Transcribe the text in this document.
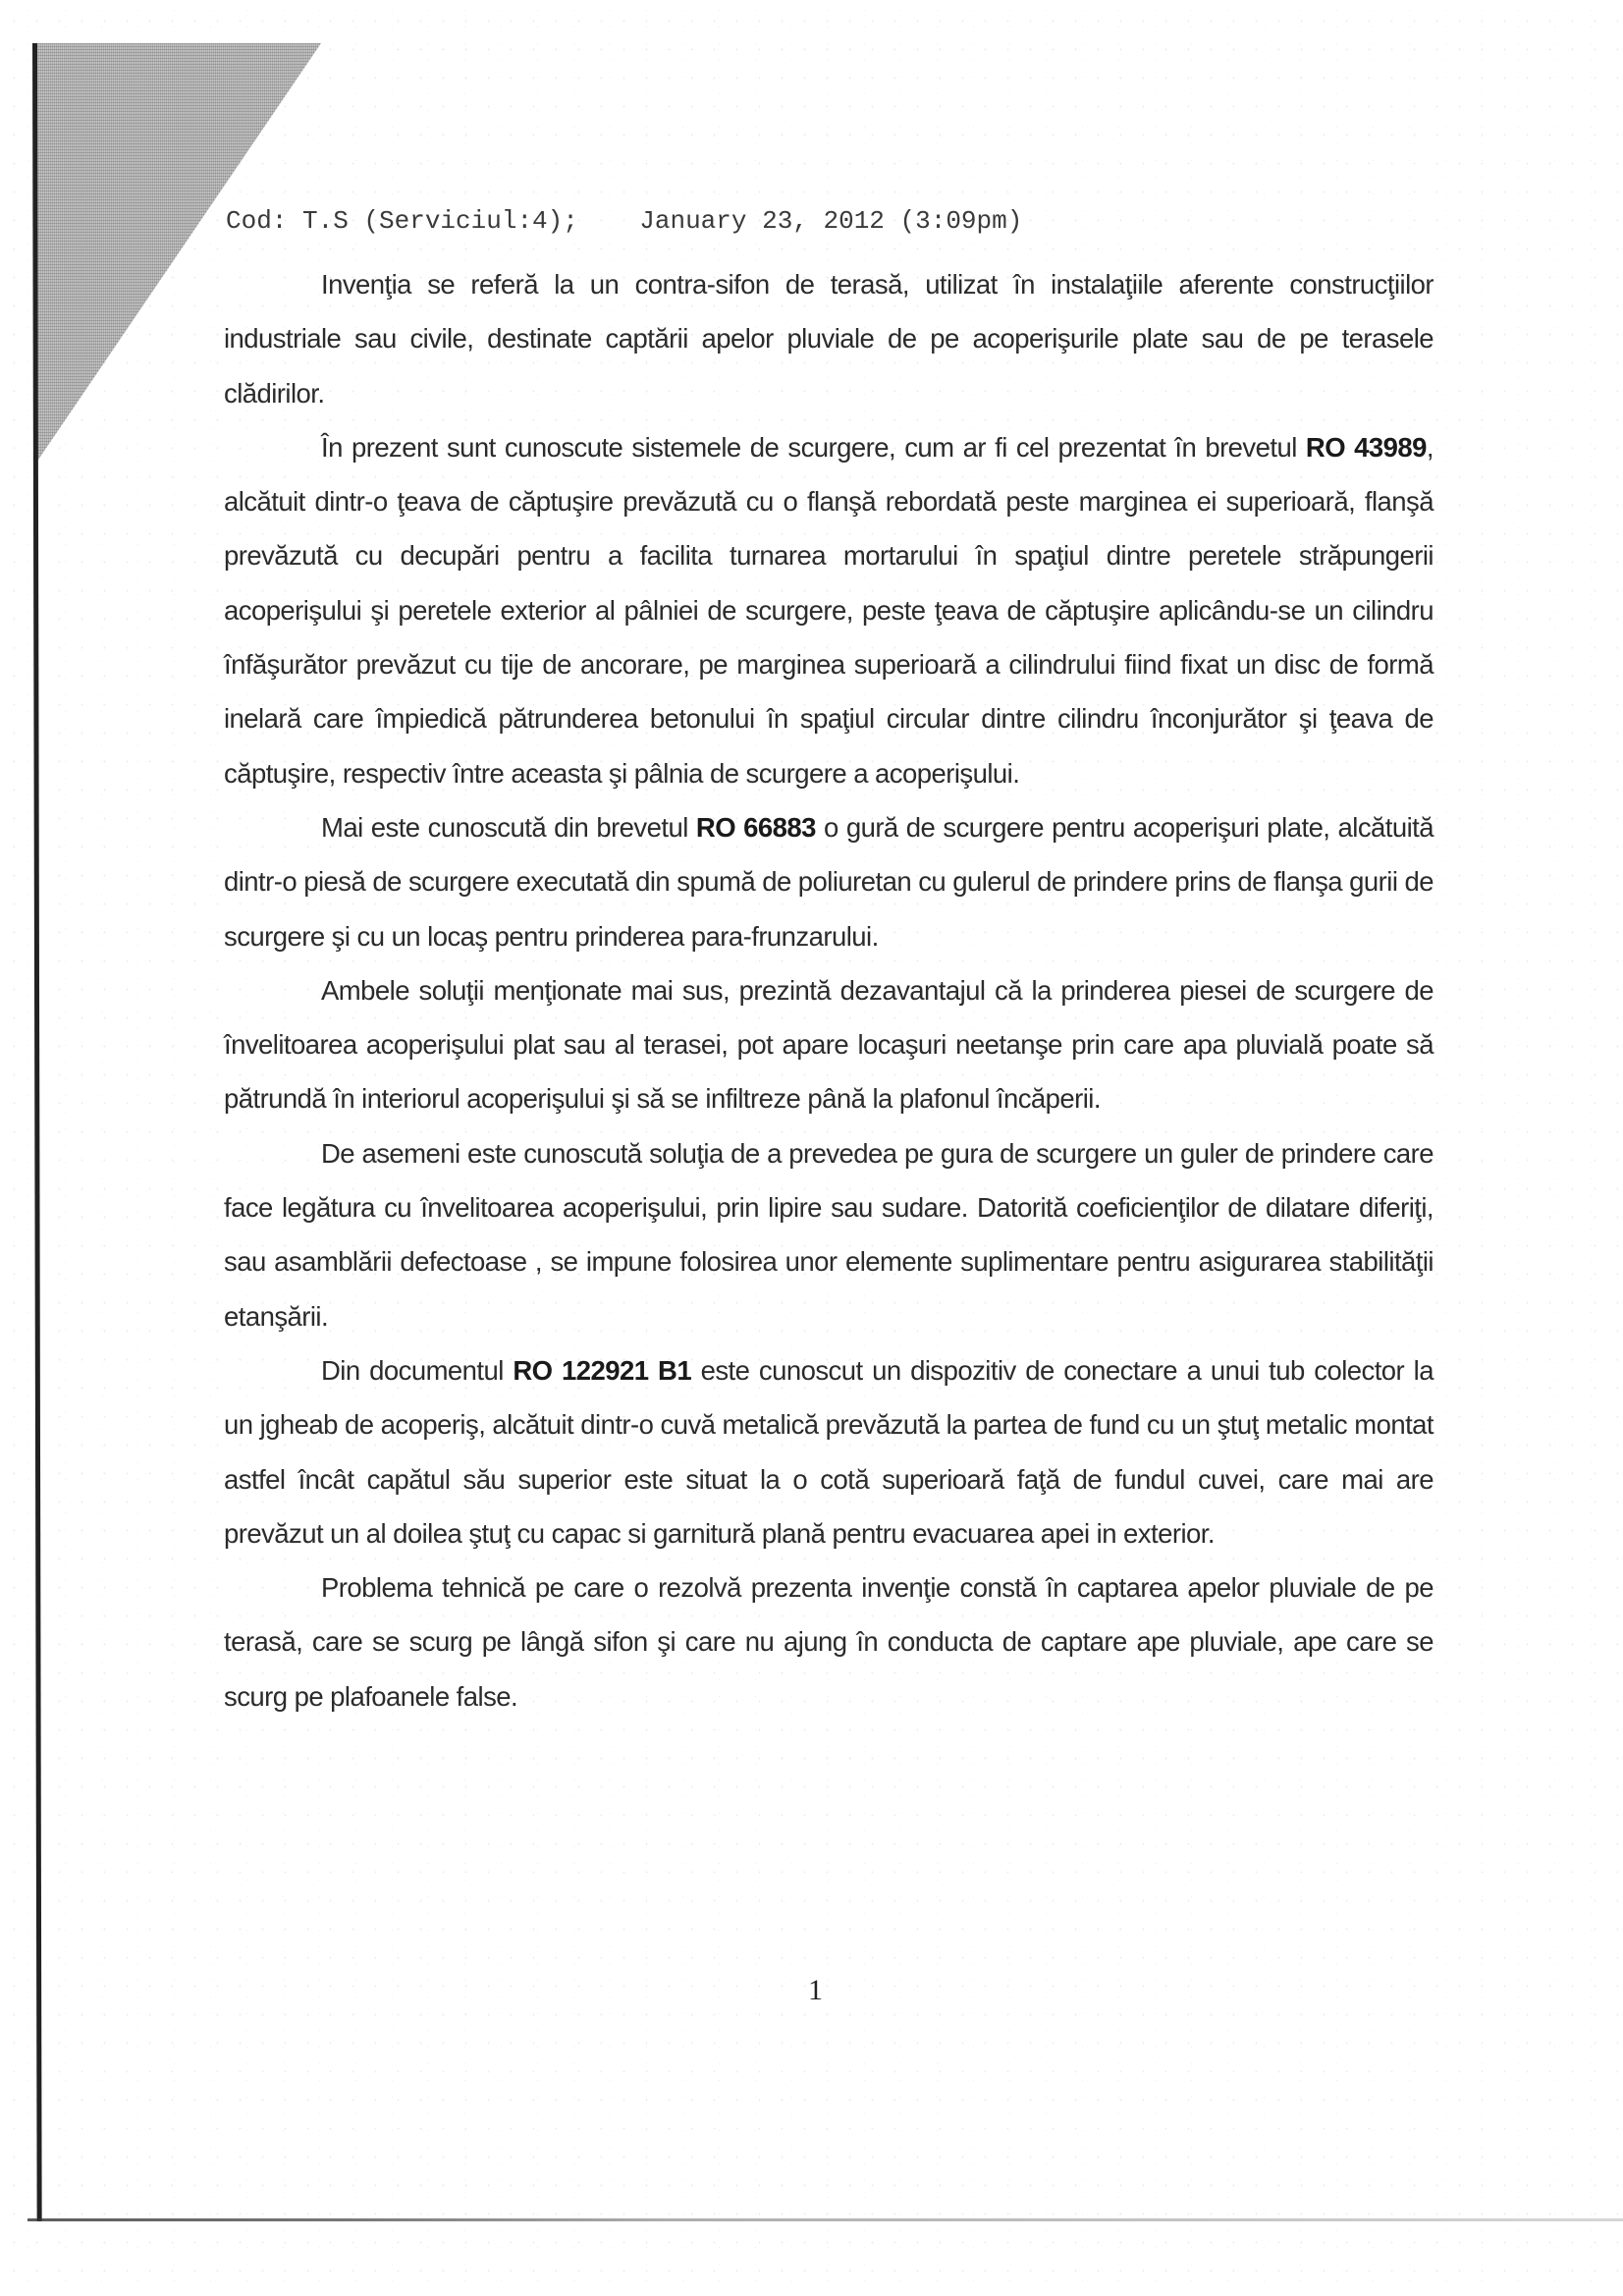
Cod: T.S (Serviciul:4);    January 23, 2012 (3:09pm)

Invenţia se referă la un contra-sifon de terasă, utilizat în instalaţiile aferente construcţiilor industriale sau civile, destinate captării apelor pluviale de pe acoperişurile plate sau de pe terasele clădirilor.

În prezent sunt cunoscute sistemele de scurgere, cum ar fi cel prezentat în brevetul RO 43989, alcătuit dintr-o ţeava de căptuşire prevăzută cu o flanşă rebordată peste marginea ei superioară, flanşă prevăzută cu decupări pentru a facilita turnarea mortarului în spaţiul dintre peretele străpungerii acoperişului şi peretele exterior al pâlniei de scurgere, peste ţeava de căptuşire aplicându-se un cilindru înfăşurător prevăzut cu tije de ancorare, pe marginea superioară a cilindrului fiind fixat un disc de formă inelară care împiedică pătrunderea betonului în spaţiul circular dintre cilindru înconjurător şi ţeava de căptuşire, respectiv între aceasta şi pâlnia de scurgere a acoperişului.

Mai este cunoscută din brevetul RO 66883 o gură de scurgere pentru acoperişuri plate, alcătuită dintr-o piesă de scurgere executată din spumă de poliuretan cu gulerul de prindere prins de flanşa gurii de scurgere şi cu un locaş pentru prinderea para-frunzarului.

Ambele soluţii menţionate mai sus, prezintă dezavantajul că la prinderea piesei de scurgere de învelitoarea acoperişului plat sau al terasei, pot apare locaşuri neetanşe prin care apa pluvială poate să pătrundă în interiorul acoperişului şi să se infiltreze până la plafonul încăperii.

De asemeni este cunoscută soluţia de a prevedea pe gura de scurgere un guler de prindere care face legătura cu învelitoarea acoperişului, prin lipire sau sudare. Datorită coeficienţilor de dilatare diferiţi, sau asamblării defectoase , se impune folosirea unor elemente suplimentare pentru asigurarea stabilităţii etanşării.

Din documentul RO 122921 B1 este cunoscut un dispozitiv de conectare a unui tub colector la un jgheab de acoperiş, alcătuit dintr-o cuvă metalică prevăzută la partea de fund cu un ştuţ metalic montat astfel încât capătul său superior este situat la o cotă superioară faţă de fundul cuvei, care mai are prevăzut un al doilea ştuţ cu capac si garnitură plană pentru evacuarea apei in exterior.

Problema tehnică pe care o rezolvă prezenta invenţie constă în captarea apelor pluviale de pe terasă, care se scurg pe lângă sifon şi care nu ajung în conducta de captare ape pluviale, ape care se scurg pe plafoanele false.

1
